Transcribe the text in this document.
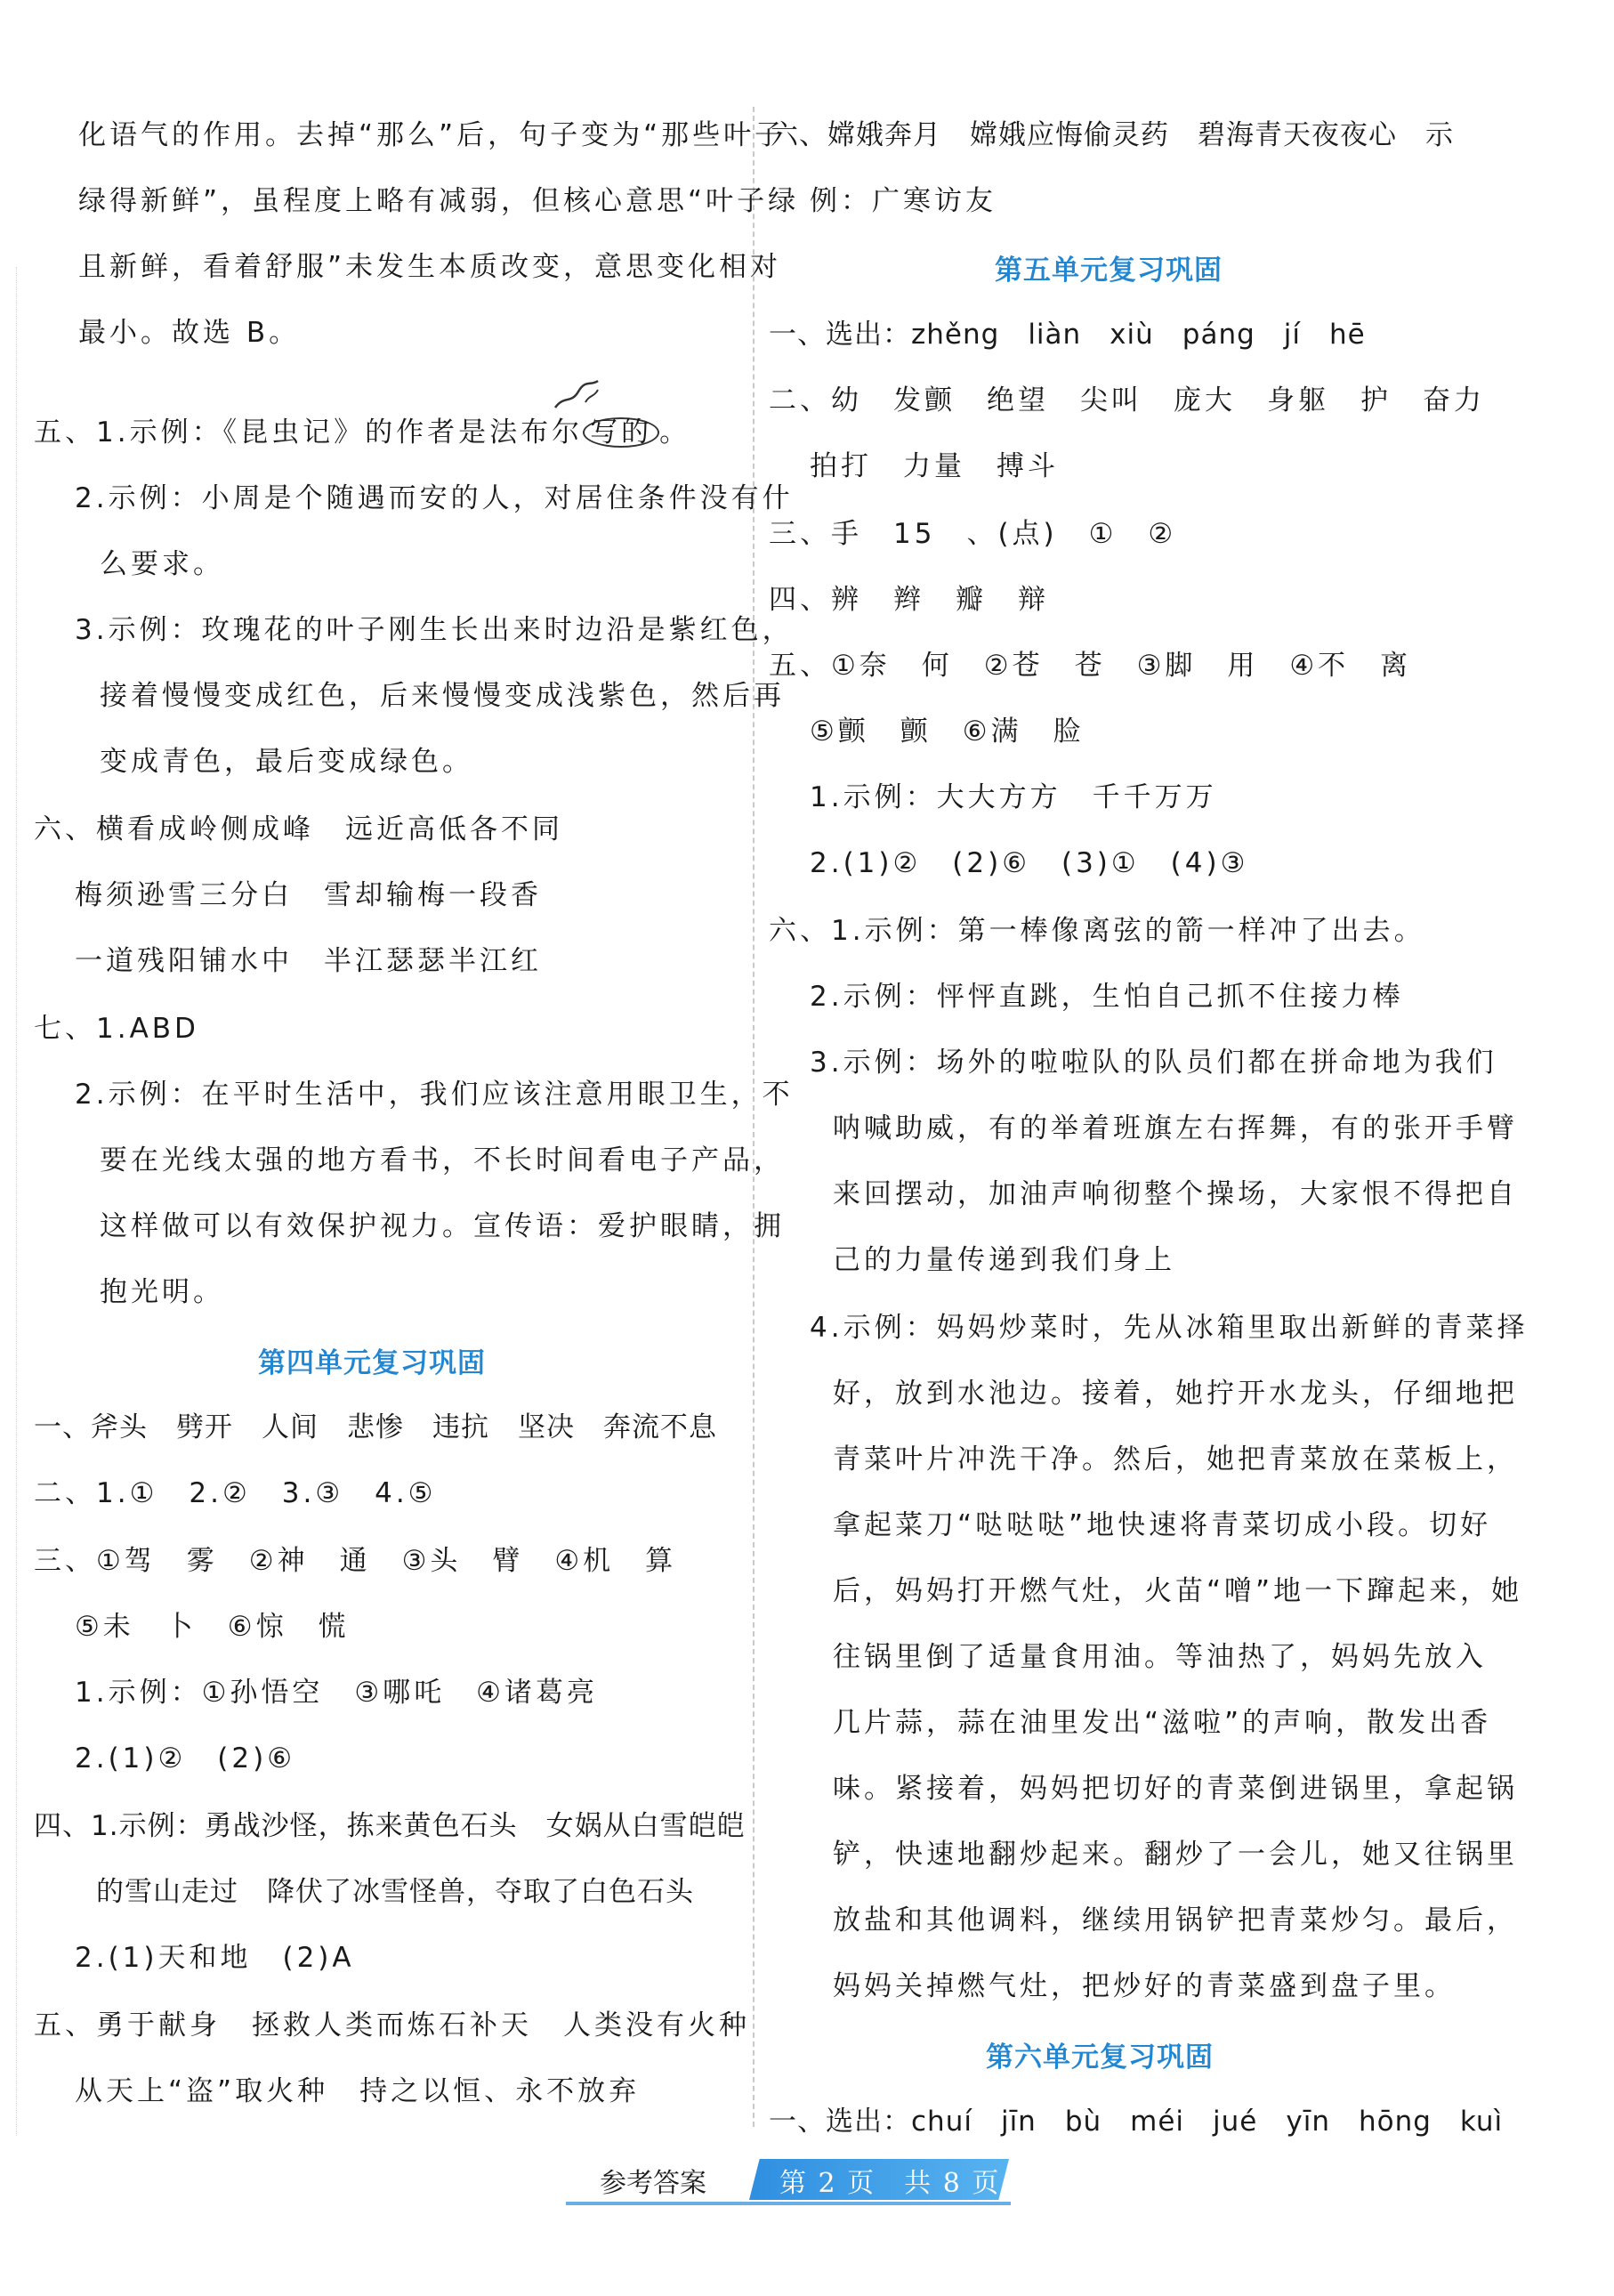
化语气的作用。去掉“那么”后，句子变为“那些叶子
绿得新鲜”，虽程度上略有减弱，但核心意思“叶子绿
且新鲜，看着舒服”未发生本质改变，意思变化相对
最小。故选 B。
五、1.示例：《昆虫记》的作者是法布尔 写的 。
2.示例：小周是个随遇而安的人，对居住条件没有什
么要求。
3.示例：玫瑰花的叶子刚生长出来时边沿是紫红色，
接着慢慢变成红色，后来慢慢变成浅紫色，然后再
变成青色，最后变成绿色。
六、横看成岭侧成峰　远近高低各不同
梅须逊雪三分白　雪却输梅一段香
一道残阳铺水中　半江瑟瑟半江红
七、1.ABD
2.示例：在平时生活中，我们应该注意用眼卫生，不
要在光线太强的地方看书，不长时间看电子产品，
这样做可以有效保护视力。宣传语：爱护眼睛，拥
抱光明。
第四单元复习巩固
一、斧头　劈开　人间　悲惨　违抗　坚决　奔流不息
二、1.①　2.②　3.③　4.⑤
三、①驾　雾　②神　通　③头　臂　④机　算
⑤未　卜　⑥惊　慌
1.示例：①孙悟空　③哪吒　④诸葛亮
2.(1)②　(2)⑥
四、1.示例：勇战沙怪，拣来黄色石头　女娲从白雪皑皑
的雪山走过　降伏了冰雪怪兽，夺取了白色石头
2.(1)天和地　(2)A
五、勇于献身　拯救人类而炼石补天　人类没有火种
从天上“盗”取火种　持之以恒、永不放弃
六、嫦娥奔月　嫦娥应悔偷灵药　碧海青天夜夜心　示
例：广寒访友
第五单元复习巩固
一、选出：zhěng　liàn　xiù　páng　jí　hē
二、幼　发颤　绝望　尖叫　庞大　身躯　护　奋力
拍打　力量　搏斗
三、手　15　、(点)　①　②
四、辨　辫　瓣　辩
五、①奈　何　②苍　苍　③脚　用　④不　离
⑤颤　颤　⑥满　脸
1.示例：大大方方　千千万万
2.(1)②　(2)⑥　(3)①　(4)③
六、1.示例：第一棒像离弦的箭一样冲了出去。
2.示例：怦怦直跳，生怕自己抓不住接力棒
3.示例：场外的啦啦队的队员们都在拼命地为我们
呐喊助威，有的举着班旗左右挥舞，有的张开手臂
来回摆动，加油声响彻整个操场，大家恨不得把自
己的力量传递到我们身上
4.示例：妈妈炒菜时，先从冰箱里取出新鲜的青菜择
好，放到水池边。接着，她拧开水龙头，仔细地把
青菜叶片冲洗干净。然后，她把青菜放在菜板上，
拿起菜刀“哒哒哒”地快速将青菜切成小段。切好
后，妈妈打开燃气灶，火苗“噌”地一下蹿起来，她
往锅里倒了适量食用油。等油热了，妈妈先放入
几片蒜，蒜在油里发出“滋啦”的声响，散发出香
味。紧接着，妈妈把切好的青菜倒进锅里，拿起锅
铲，快速地翻炒起来。翻炒了一会儿，她又往锅里
放盐和其他调料，继续用锅铲把青菜炒匀。最后，
妈妈关掉燃气灶，把炒好的青菜盛到盘子里。
第六单元复习巩固
一、选出：chuí　jīn　bù　méi　jué　yīn　hōng　kuì
参考答案	第 2 页　共 8 页
